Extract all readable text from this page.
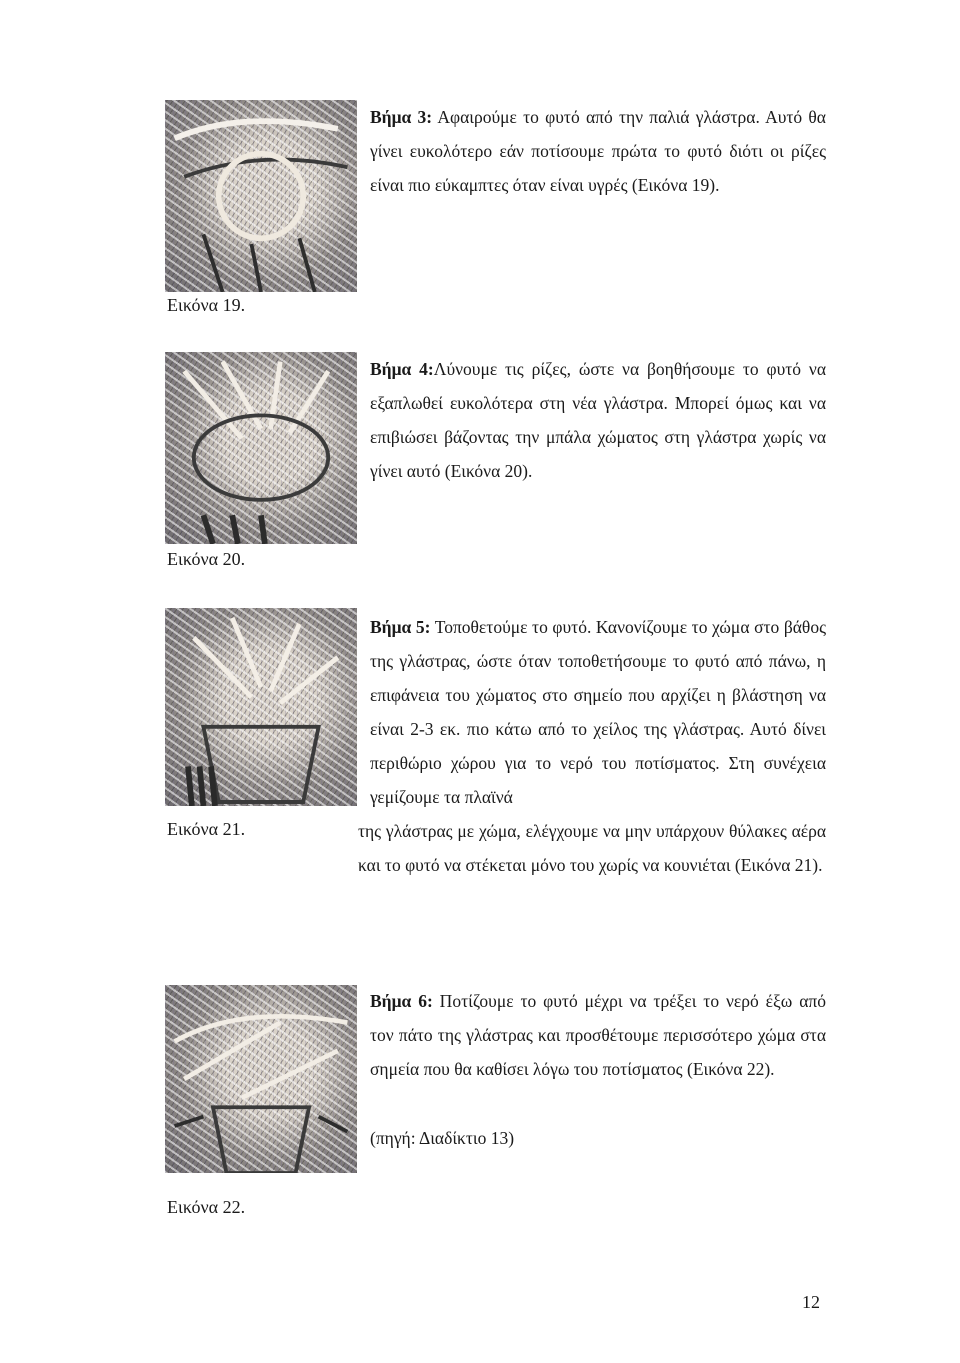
Βήμα 3: Αφαιρούμε το φυτό από την παλιά γλάστρα. Αυτό θα γίνει ευκολότερο εάν ποτίσουμε πρώτα το φυτό διότι οι ρίζες είναι πιο εύκαμπτες όταν είναι υγρές (Εικόνα 19).

Εικόνα 19.

Βήμα 4:Λύνουμε τις ρίζες, ώστε να βοηθήσουμε το φυτό να εξαπλωθεί ευκολότερα στη νέα γλάστρα. Μπορεί όμως και να επιβιώσει βάζοντας την μπάλα χώματος στη γλάστρα χωρίς να γίνει αυτό (Εικόνα 20).

Εικόνα 20.

Βήμα 5: Τοποθετούμε το φυτό. Κανονίζουμε το χώμα στο βάθος της γλάστρας, ώστε όταν τοποθετήσουμε το φυτό από πάνω, η επιφάνεια του χώματος στο σημείο που αρχίζει η βλάστηση να είναι 2-3 εκ. πιο κάτω από το χείλος της γλάστρας. Αυτό δίνει περιθώριο χώρου για το νερό του ποτίσματος. Στη συνέχεια γεμίζουμε τα πλαϊνά

Εικόνα 21.	της γλάστρας με χώμα, ελέγχουμε να μην υπάρχουν θύλακες αέρα και το φυτό να στέκεται μόνο του χωρίς να κουνιέται (Εικόνα 21).

Βήμα 6: Ποτίζουμε το φυτό μέχρι να τρέξει το νερό έξω από τον πάτο της γλάστρας και προσθέτουμε περισσότερο χώμα στα σημεία που θα καθίσει λόγω του ποτίσματος (Εικόνα 22).

(πηγή: Διαδίκτιο 13)
Εικόνα 22.
12
